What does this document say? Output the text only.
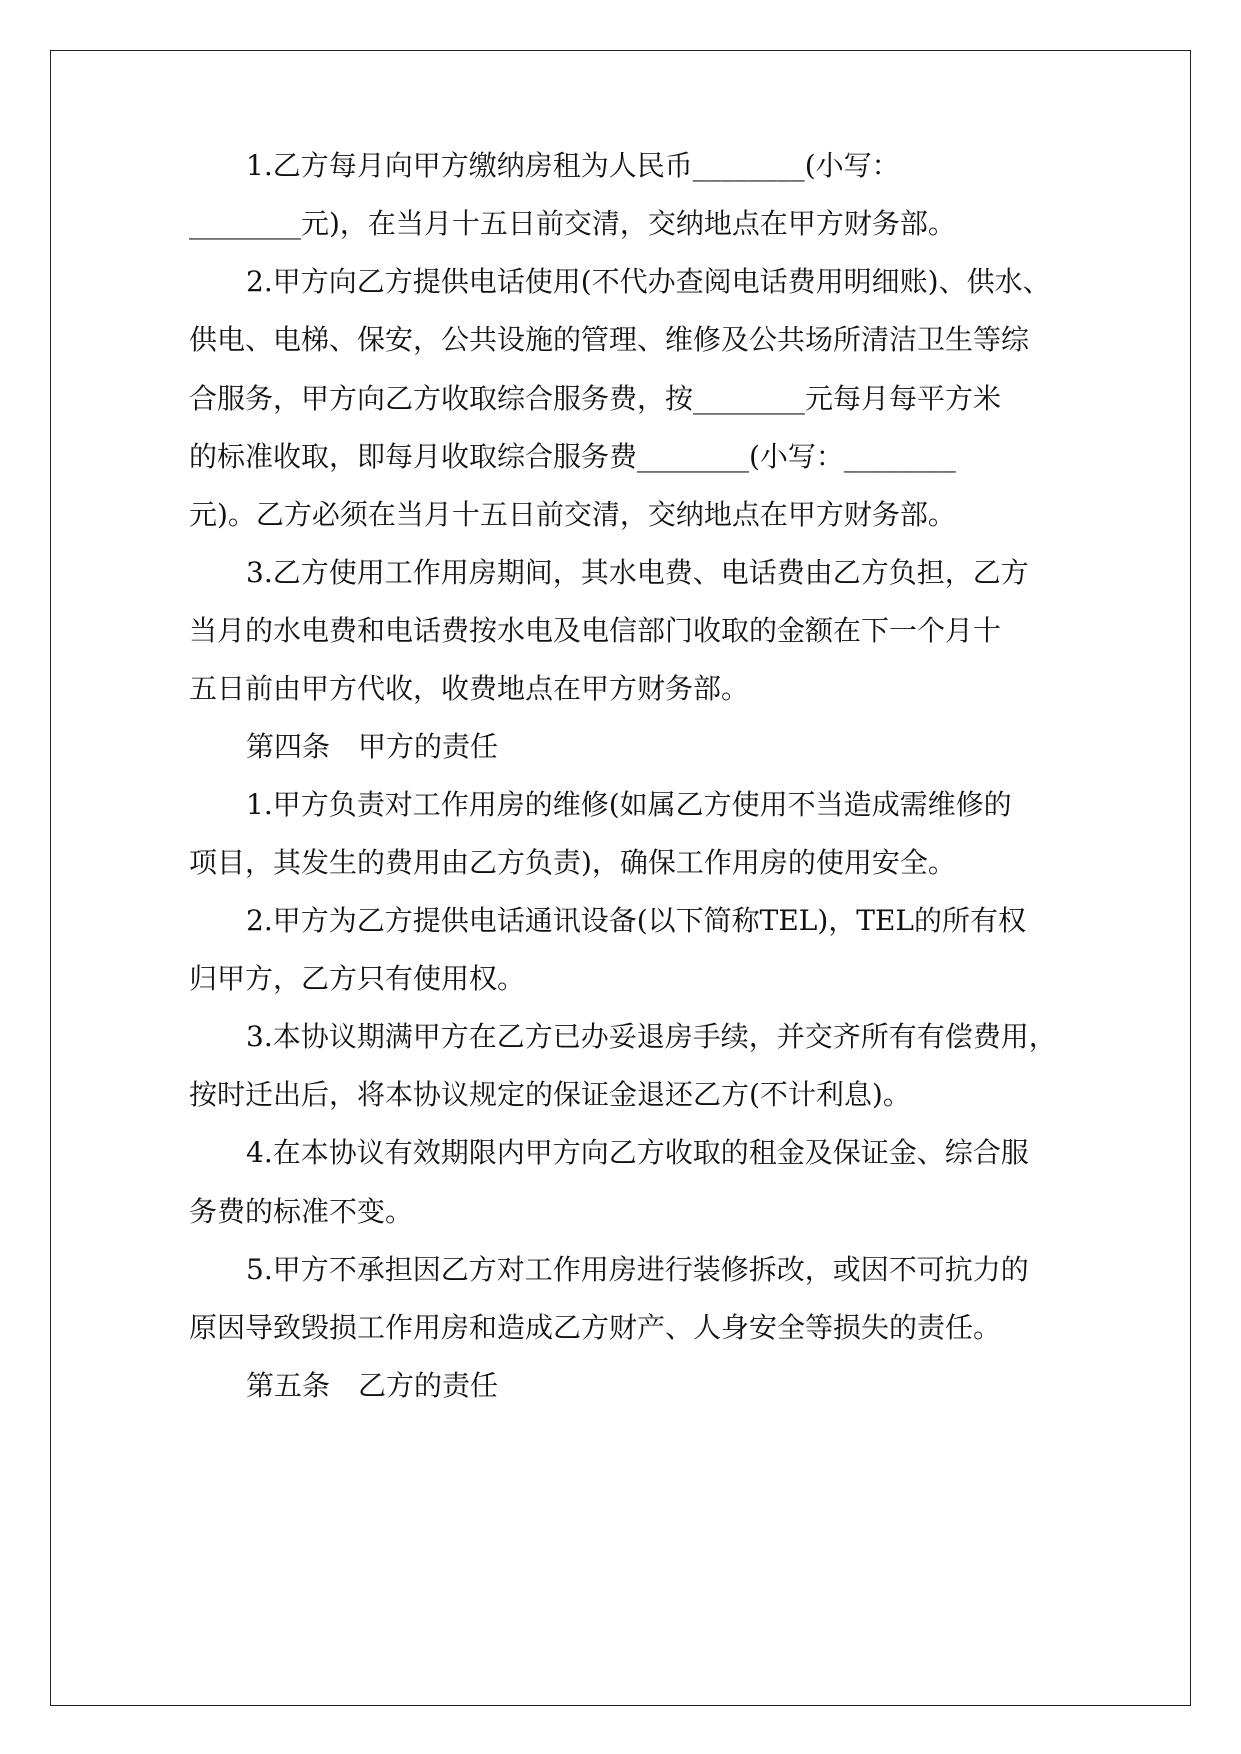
1.乙方每月向甲方缴纳房租为人民币________(小写：

________元)，在当月十五日前交清，交纳地点在甲方财务部。

2.甲方向乙方提供电话使用(不代办查阅电话费用明细账)、供水、

供电、电梯、保安，公共设施的管理、维修及公共场所清洁卫生等综

合服务，甲方向乙方收取综合服务费，按________元每月每平方米

的标准收取，即每月收取综合服务费________(小写：________

元)。乙方必须在当月十五日前交清，交纳地点在甲方财务部。

3.乙方使用工作用房期间，其水电费、电话费由乙方负担，乙方

当月的水电费和电话费按水电及电信部门收取的金额在下一个月十

五日前由甲方代收，收费地点在甲方财务部。

第四条　甲方的责任

1.甲方负责对工作用房的维修(如属乙方使用不当造成需维修的

项目，其发生的费用由乙方负责)，确保工作用房的使用安全。

2.甲方为乙方提供电话通讯设备(以下简称TEL)，TEL的所有权

归甲方，乙方只有使用权。

3.本协议期满甲方在乙方已办妥退房手续，并交齐所有有偿费用，

按时迁出后，将本协议规定的保证金退还乙方(不计利息)。

4.在本协议有效期限内甲方向乙方收取的租金及保证金、综合服

务费的标准不变。

5.甲方不承担因乙方对工作用房进行装修拆改，或因不可抗力的

原因导致毁损工作用房和造成乙方财产、人身安全等损失的责任。

第五条　乙方的责任
